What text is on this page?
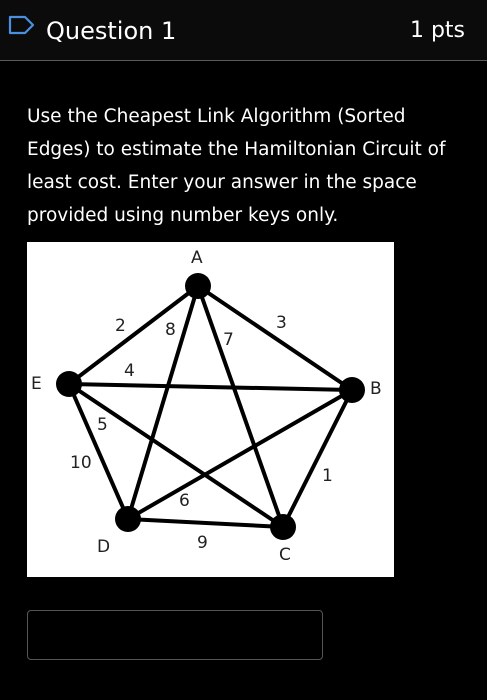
Question 1	1 pts

Use the Cheapest Link Algorithm (Sorted Edges) to estimate the Hamiltonian Circuit of least cost. Enter your answer in the space provided using number keys only.

A
B
C
D
E
2 8	7
3
4
5
6
10
1
9
